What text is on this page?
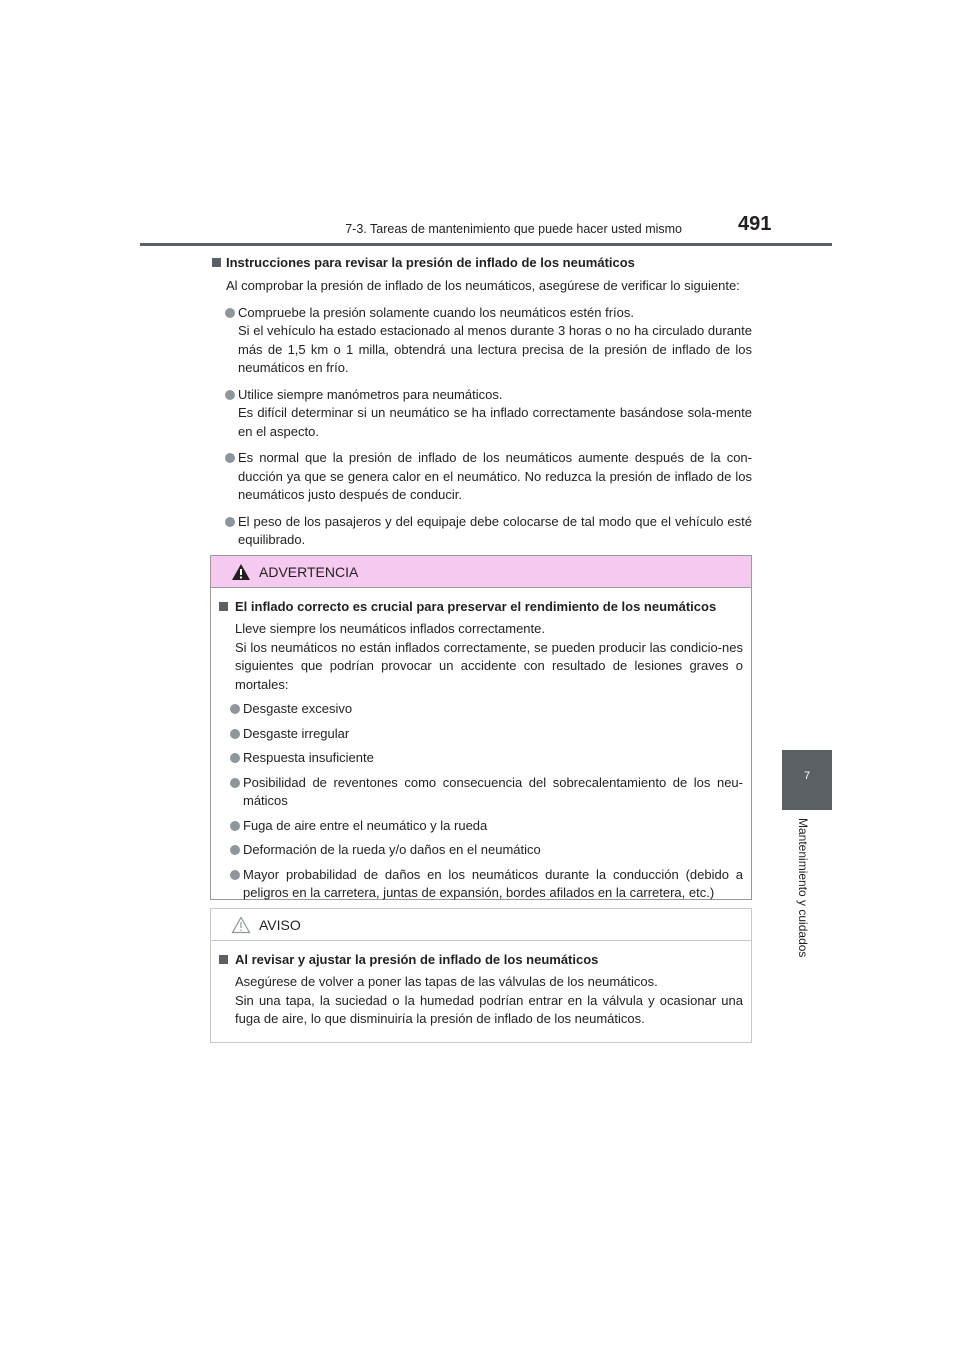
7-3. Tareas de mantenimiento que puede hacer usted mismo	491
7
Mantenimiento y cuidados
Instrucciones para revisar la presión de inflado de los neumáticos
Al comprobar la presión de inflado de los neumáticos, asegúrese de verificar lo siguiente:
Compruebe la presión solamente cuando los neumáticos estén fríos.
Si el vehículo ha estado estacionado al menos durante 3 horas o no ha circulado durante más de 1,5 km o 1 milla, obtendrá una lectura precisa de la presión de inflado de los neumáticos en frío.
Utilice siempre manómetros para neumáticos.
Es difícil determinar si un neumático se ha inflado correctamente basándose sola-mente en el aspecto.
Es normal que la presión de inflado de los neumáticos aumente después de la con-ducción ya que se genera calor en el neumático. No reduzca la presión de inflado de los neumáticos justo después de conducir.
El peso de los pasajeros y del equipaje debe colocarse de tal modo que el vehículo esté equilibrado.
ADVERTENCIA
El inflado correcto es crucial para preservar el rendimiento de los neumáticos
Lleve siempre los neumáticos inflados correctamente.
Si los neumáticos no están inflados correctamente, se pueden producir las condicio-nes siguientes que podrían provocar un accidente con resultado de lesiones graves o mortales:
Desgaste excesivo
Desgaste irregular
Respuesta insuficiente
Posibilidad de reventones como consecuencia del sobrecalentamiento de los neu-máticos
Fuga de aire entre el neumático y la rueda
Deformación de la rueda y/o daños en el neumático
Mayor probabilidad de daños en los neumáticos durante la conducción (debido a peligros en la carretera, juntas de expansión, bordes afilados en la carretera, etc.)
AVISO
Al revisar y ajustar la presión de inflado de los neumáticos
Asegúrese de volver a poner las tapas de las válvulas de los neumáticos.
Sin una tapa, la suciedad o la humedad podrían entrar en la válvula y ocasionar una fuga de aire, lo que disminuiría la presión de inflado de los neumáticos.
